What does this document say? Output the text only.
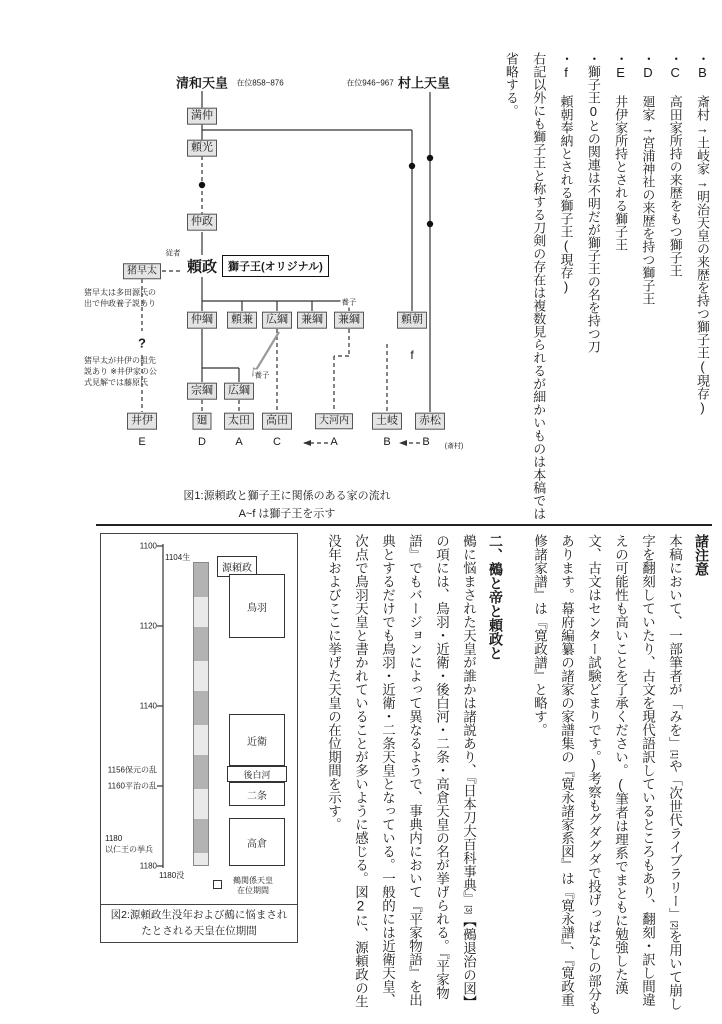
・B 斎村→土岐家→明治天皇の来歴を持つ獅子王(現存)

・C 高田家所持の来歴をもつ獅子王

・D 廻家→宮浦神社の来歴を持つ獅子王

・E 井伊家所持とされる獅子王

・獅子王0との関連は不明だが獅子王の名を持つ刀

・f 頼朝奉納とされる獅子王(現存)

右記以外にも獅子王と称する刀剣の存在は複数見られるが細かいものは本稿では省略する。

清和天皇 在位858~876	在位946~967 村上天皇
満仲
頼光
仲政
頼政 獅子王(オリジナル)
従者
猪早太
猪早太は多田源氏の出で仲政養子説あり
?
猪早太が井伊の祖先説あり ※井伊家の公式見解では藤原氏
仲綱	頼兼	広綱	兼綱	兼綱
養子
宗綱	広綱
養子
頼朝
f
井伊	廻	太田	高田	大河内	土岐	赤松
E	D	A	C	A	B	B (斎村)
図1:源頼政と獅子王に関係のある家の流れ
A~f は獅子王を示す
1100
1120
1140
1180
1156保元の乱
1160平治の乱
1180
以仁王の挙兵
1104生
源頼政
1180没
鳥羽
近衛
後白河
二条
高倉
鵺関係天皇
在位期間
図2:源頼政生没年および鵺に悩まされたとされる天皇在位期間
諸注意

本稿において、一部筆者が「みを」[1]や「次世代ライブラリー」[2]を用いて崩し字を翻刻していたり、古文を現代語訳しているところもあり、翻刻・訳し間違えの可能性も高いことを了承ください。(筆者は理系でまともに勉強した漢文、古文はセンター試験どまりです。)考察もグダグダで投げっぱなしの部分もあります。幕府編纂の諸家の家譜集の『寛永諸家系図』は『寛永譜』、『寛政重修諸家譜』は『寛政譜』と略す。

二、鵺と帝と頼政と

鵺に悩まされた天皇が誰かは諸説あり、『日本刀大百科事典』[3]【鵺退治の図】の項には、鳥羽・近衛・後白河・二条・高倉天皇の名が挙げられる。『平家物語』でもバージョンによって異なるようで、事典内において『平家物語』を出典とするだけでも鳥羽・近衛・二条天皇となっている。一般的には近衛天皇、次点で鳥羽天皇と書かれていることが多いように感じる。図2に、源頼政の生没年およびここに挙げた天皇の在位期間を示す。
